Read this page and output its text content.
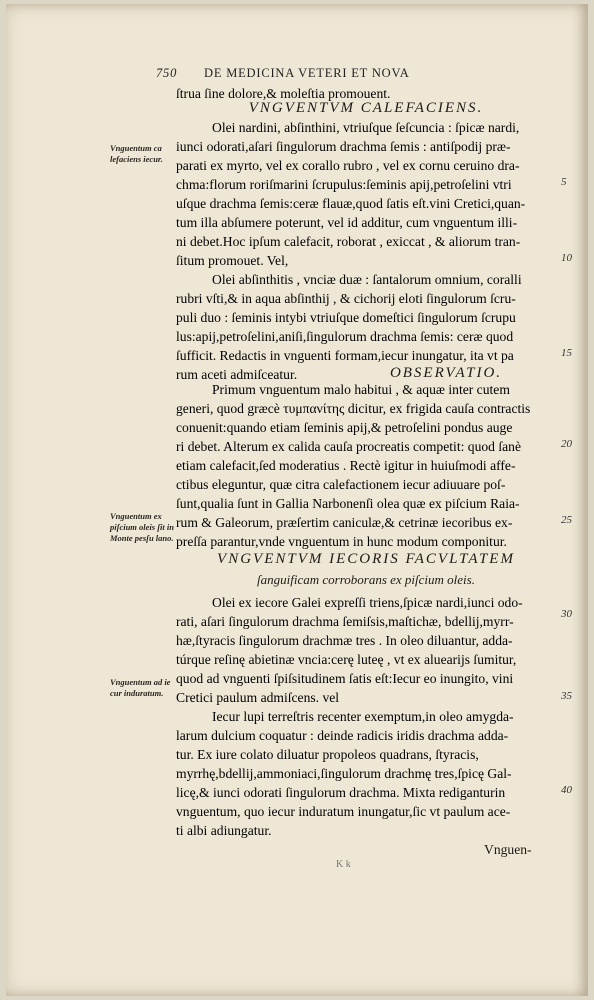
750 DE MEDICINA VETERI ET NOVA
Vnguentum ca lefaciens iecur.
Vnguentum ex piſcium oleis ſit in Monte pesſu lano.
Vnguentum ad ie cur induratum.
VNGVENTVM CALEFACIENS.
OBSERVATIO.
VNGVENTVM IECORIS FACVLTATEM
ſanguificam corroborans ex piſcium oleis.
ſtrua ſine dolore,& moleſtia promouent.
Olei nardini, abſinthini, vtriuſque ſeſcuncia : ſpicæ nardi,
iunci odorati,aſari ſingulorum drachma ſemis : antiſpodij præ-
parati ex myrto, vel ex corallo rubro , vel ex cornu ceruino dra-
chma:florum roriſmarini ſcrupulus:ſeminis apij,petroſelini vtri
uſque drachma ſemis:ceræ flauæ,quod ſatis eſt.vini Cretici,quan-
tum illa abſumere poterunt, vel id additur, cum vnguentum illi-
ni debet.Hoc ipſum calefacit, roborat , exiccat , & aliorum tran-
ſitum promouet. Vel,
Olei abſinthitis , vnciæ duæ : ſantalorum omnium, coralli
rubri vſti,& in aqua abſinthij , & cichorij eloti ſingulorum ſcru-
puli duo : ſeminis intybi vtriuſque domeſtici ſingulorum ſcrupu
lus:apij,petroſelini,aniſi,ſingulorum drachma ſemis: ceræ quod
ſufficit. Redactis in vnguenti formam,iecur inungatur, ita vt pa
rum aceti admiſceatur.
Primum vnguentum malo habitui , & aquæ inter cutem
generi, quod græcè τυμπανίτης dicitur, ex frigida cauſa contractis
conuenit:quando etiam ſeminis apij,& petroſelini pondus auge
ri debet. Alterum ex calida cauſa procreatis competit: quod ſanè
etiam calefacit,ſed moderatius . Rectè igitur in huiuſmodi affe-
ctibus eleguntur, quæ citra calefactionem iecur adiuuare poſ-
ſunt,qualia ſunt in Gallia Narbonenſi olea quæ ex piſcium Raia-
rum & Galeorum, præſertim caniculæ,& cetrinæ iecoribus ex-
preſſa parantur,vnde vnguentum in hunc modum componitur.
Olei ex iecore Galei expreſſi triens,ſpicæ nardi,iunci odo-
rati, aſari ſingulorum drachma ſemiſsis,maſtichæ, bdellij,myrr-
hæ,ſtyracis ſingulorum drachmæ tres . In oleo diluantur, adda-
túrque reſinę abietinæ vncia:cerę luteę , vt ex aluearijs ſumitur,
quod ad vnguenti ſpiſsitudinem ſatis eſt:Iecur eo inungito, vini
Cretici paulum admiſcens. vel
Iecur lupi terreſtris recenter exemptum,in oleo amygda-
larum dulcium coquatur : deinde radicis iridis drachma adda-
tur. Ex iure colato diluatur propoleos quadrans, ſtyracis,
myrrhę,bdellij,ammoniaci,ſingulorum drachmę tres,ſpicę Gal-
licę,& iunci odorati ſingulorum drachma. Mixta rediganturin
vnguentum, quo iecur induratum inungatur,ſic vt paulum ace-
ti albi adiungatur.
5
10
15
20
25
30
35
40
Vnguen-
K k
